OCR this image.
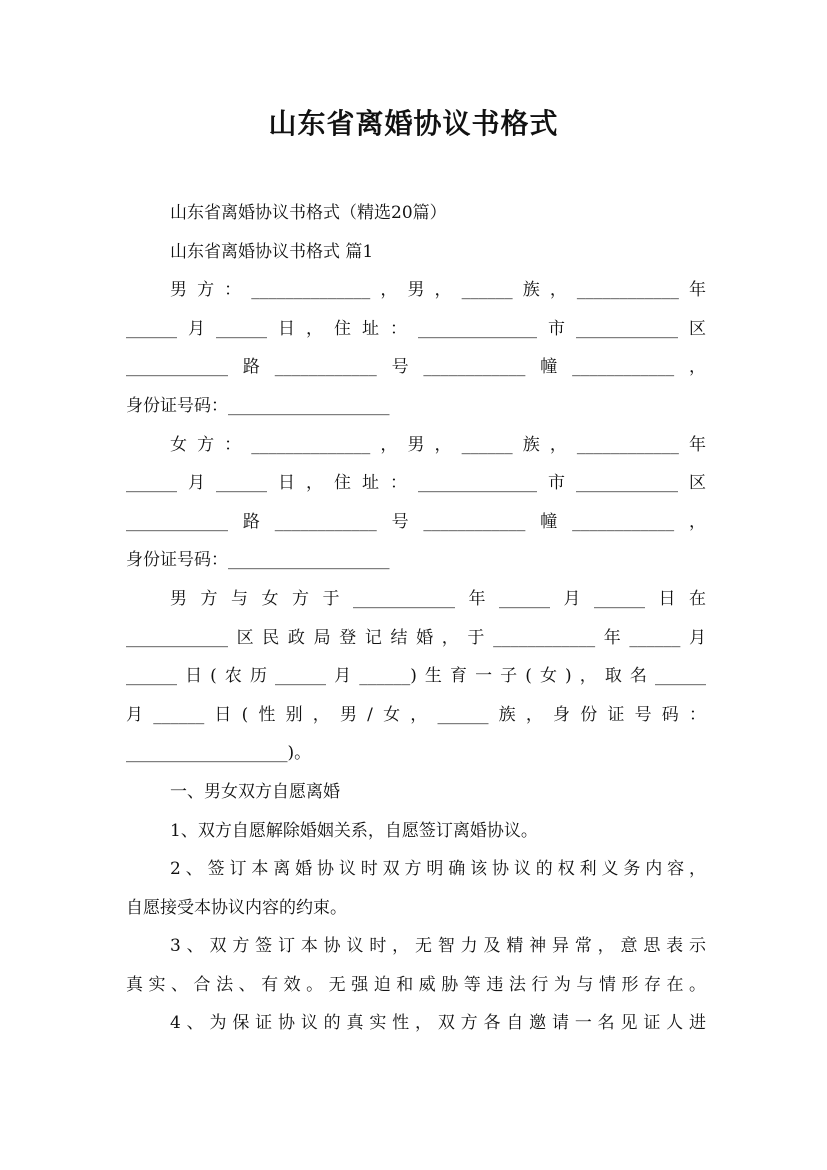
山东省离婚协议书格式
山东省离婚协议书格式（精选20篇）
山东省离婚协议书格式 篇1
男方：______________，男，______族，____________年
______月______日，住址：______________市____________区
____________路____________号____________幢____________，
身份证号码：___________________
女方：______________，男，______族，____________年
______月______日，住址：______________市____________区
____________路____________号____________幢____________，
身份证号码：___________________
男方与女方于____________年______月______日在
____________区民政局登记结婚，于____________年______月
______日(农历______月______)生育一子(女)，取名______
月______日(性别，男/女，______族，身份证号码：
___________________)。
一、男女双方自愿离婚
1、双方自愿解除婚姻关系，自愿签订离婚协议。
2、签订本离婚协议时双方明确该协议的权利义务内容，
自愿接受本协议内容的约束。
3、双方签订本协议时，无智力及精神异常，意思表示
真实、合法、有效。无强迫和威胁等违法行为与情形存在。
4、为保证协议的真实性，双方各自邀请一名见证人进
